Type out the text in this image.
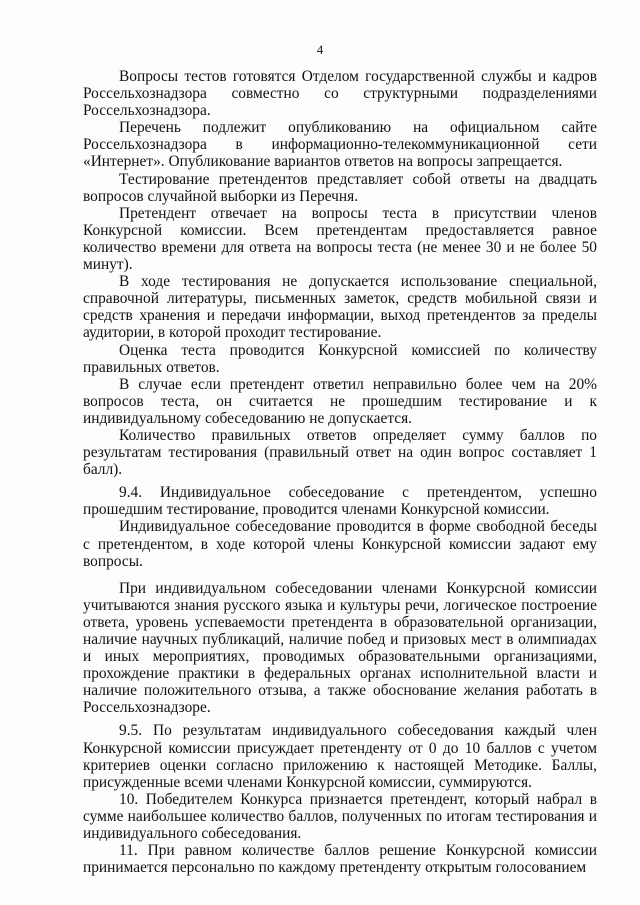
4

Вопросы тестов готовятся Отделом государственной службы и кадров Россельхознадзора совместно со структурными подразделениями Россельхознадзора.

Перечень подлежит опубликованию на официальном сайте Россельхознадзора в информационно-телекоммуникационной сети «Интернет». Опубликование вариантов ответов на вопросы запрещается.

Тестирование претендентов представляет собой ответы на двадцать вопросов случайной выборки из Перечня.

Претендент отвечает на вопросы теста в присутствии членов Конкурсной комиссии. Всем претендентам предоставляется равное количество времени для ответа на вопросы теста (не менее 30 и не более 50 минут).

В ходе тестирования не допускается использование специальной, справочной литературы, письменных заметок, средств мобильной связи и средств хранения и передачи информации, выход претендентов за пределы аудитории, в которой проходит тестирование.

Оценка теста проводится Конкурсной комиссией по количеству правильных ответов.

В случае если претендент ответил неправильно более чем на 20% вопросов теста, он считается не прошедшим тестирование и к индивидуальному собеседованию не допускается.

Количество правильных ответов определяет сумму баллов по результатам тестирования (правильный ответ на один вопрос составляет 1 балл).

9.4. Индивидуальное собеседование с претендентом, успешно прошедшим тестирование, проводится членами Конкурсной комиссии.

Индивидуальное собеседование проводится в форме свободной беседы с претендентом, в ходе которой члены Конкурсной комиссии задают ему вопросы.

При индивидуальном собеседовании членами Конкурсной комиссии учитываются знания русского языка и культуры речи, логическое построение ответа, уровень успеваемости претендента в образовательной организации, наличие научных публикаций, наличие побед и призовых мест в олимпиадах и иных мероприятиях, проводимых образовательными организациями, прохождение практики в федеральных органах исполнительной власти и наличие положительного отзыва, а также обоснование желания работать в Россельхознадзоре.

9.5. По результатам индивидуального собеседования каждый член Конкурсной комиссии присуждает претенденту от 0 до 10 баллов с учетом критериев оценки согласно приложению к настоящей Методике. Баллы, присужденные всеми членами Конкурсной комиссии, суммируются.

10. Победителем Конкурса признается претендент, который набрал в сумме наибольшее количество баллов, полученных по итогам тестирования и индивидуального собеседования.

11. При равном количестве баллов решение Конкурсной комиссии принимается персонально по каждому претенденту открытым голосованием
